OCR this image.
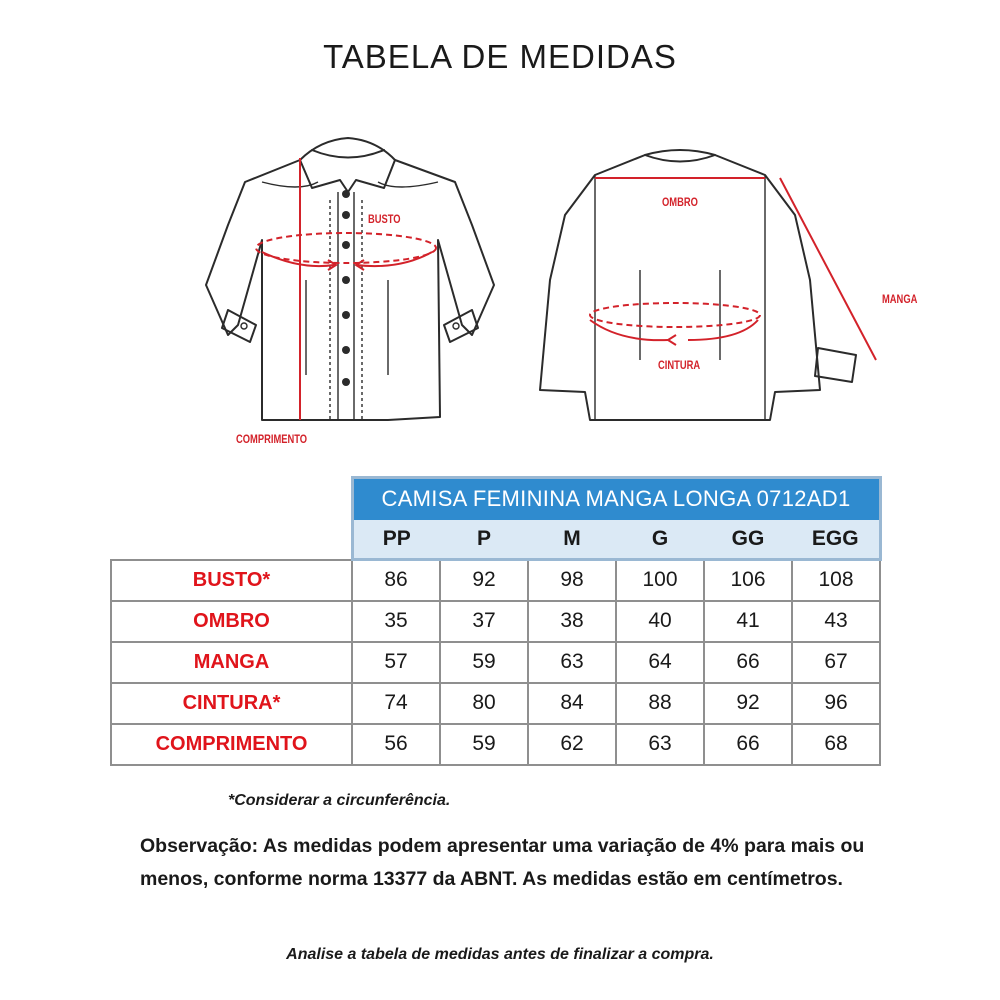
TABELA DE MEDIDAS
BUSTO
OMBRO
MANGA
CINTURA
COMPRIMENTO
	CAMISA FEMININA MANGA LONGA 0712AD1					
	PP	P	M	G	GG	EGG
BUSTO*	86	92	98	100	106	108
OMBRO	35	37	38	40	41	43
MANGA	57	59	63	64	66	67
CINTURA*	74	80	84	88	92	96
COMPRIMENTO	56	59	62	63	66	68
*Considerar a circunferência.
Observação: As medidas podem apresentar uma variação de 4% para mais ou menos, conforme norma 13377 da ABNT. As medidas estão em centímetros.
Analise a tabela de medidas antes de finalizar a compra.
